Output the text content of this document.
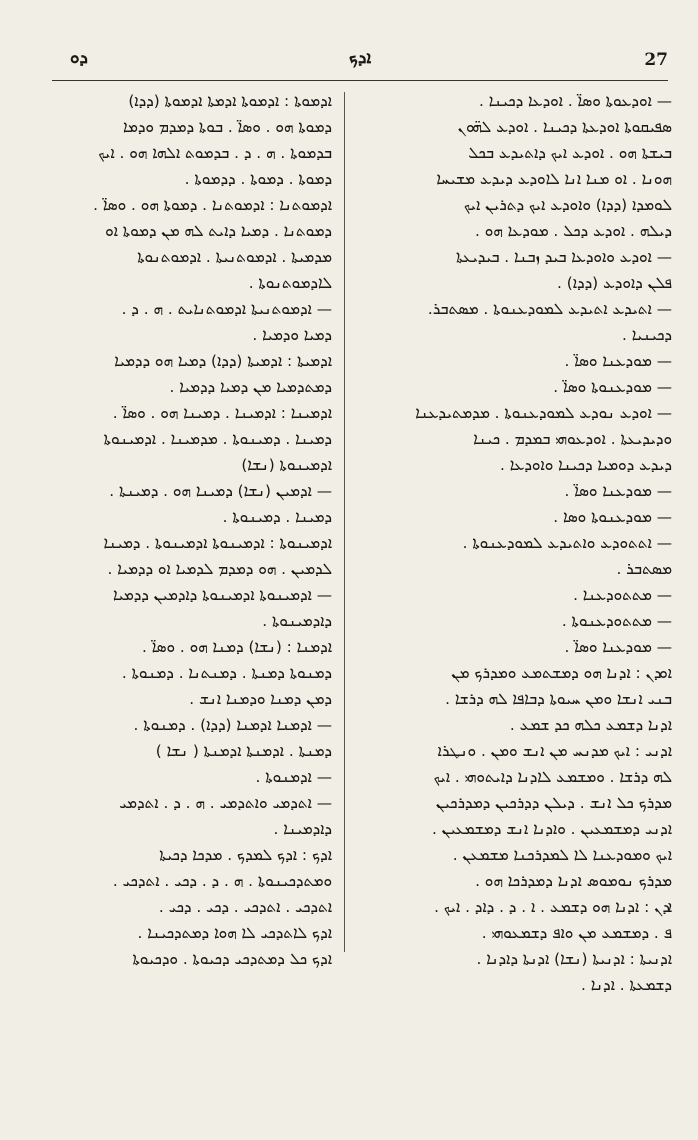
ܕܘ	ܐܕܟ	27

— ܐܘܕܥܘܬܐ ܘܣܐ̈ . ܐܘܕܥܐ ܕܟܝܢܐ .
ܣܦܝܩܘܬܐ ܐܘܕܥܬܐ ܕܟܝܢܐ . ܐܘܕܥ ܠܗ̈ܘܢ
ܒܝܫܬܐ ܗܘ . ܐܘܕܥ ܐܝܟ ܕܐܬܝܕܥ ܒܟܠ
ܗܘܢܐ . ܐܘ ܡܢܐ ܐܢܐ ܠܐܘܕܥ ܕܝܕܥ ܡܫܝܚܐ
ܠܘܡܕܐ (ܕܕܐ) ܘܐܘܕܥ ܐܝܟ ܕܬܪܝܢ ܐܝܟ
ܕܝܠܗ . ܐܘܕܥ ܕܟܠ . ܡܘܕܥܐ ܗܘ .

— ܐܘܕܥ ܘܐܘܕܥܐ ܒܝܕ ܙܒܢܐ . ܒܝܕܝܥܬܐ
ܦܠܢ ܕܐܘܕܥ (ܕܕܐ) .

— ܐܬܝܕܥ ܐܬܝܕܥ ܠܡܘܕܥܢܘܬܐ . ܡܣܬܒܪ.
ܕܟܝܢܝܐ .

— ܡܘܕܥܢܐ ܘܣܐ̈ .

— ܡܘܕܥܢܘܬܐ ܘܣܐ̈ .

— ܐܘܕܥ ܢܘܕܥ ܠܡܘܕܥܢܘܬܐ . ܡܕܡܬܝܕܥܢܐ
ܘܕܝܕܝܥܬܐ . ܐܘܕܥܘܗܝ ܒܡܕܡ . ܟܝܢܐ
ܕܝܕܥ ܕܘܡܝܐ ܕܟܝܢܐ ܘܐܘܕܥܐ .

— ܡܘܕܥܢܐ ܘܣܐ̈ .

— ܡܘܕܥܢܘܬܐ ܘܣܐ .

— ܐܬܬܘܕܥ ܘܐܬܝܕܥ ܠܡܘܕܥܢܘܬܐ .
ܡܣܬܒܪ .

— ܡܬܬܘܕܥܢܐ .

— ܡܬܬܘܕܥܢܘܬܐ .

— ܡܘܕܥܢܐ ܘܣܐ̈ .

ܐܘܕܢ : ܐܕܢܐ ܗܘ ܕܡܫܬܡܥ ܘܡܕܪܟ ܡܢ
ܒܢܝ ܐܢܫܐ ܘܡܢ ܚܝܘܬܐ ܕܒܐܦܐ ܠܗ ܕܪܫܐ .
ܐܕܢܐ ܕܫܡܥ ܟܠܗ ܟܕ ܫܡܥ .

ܐܕܢܝ : ܐܝܟ ܡܕܢܚ ܡܢ ܐܢܫ ܘܡܢ . ܘܢܛܪܐ
ܠܗ ܕܪܫܐ . ܘܡܫܡܥ ܠܐܕܢܐ ܕܐܝܬܘܗܝ . ܐܝܟ
ܡܕܪܟ ܟܠ ܐܢܫ . ܕܝܠܢ ܕܕܪܟܝܢ ܕܡܕܪܟܝܢ
ܐܕܢܝ ܕܡܫܡܥܝܢ . ܘܐܕܢܐ ܐܢܫ ܕܡܫܡܥܝܢ .
ܐܝܟ ܘܡܘܕܥܢܐ ܠܐ ܠܡܕܪܟܢܐ ܡܫܡܥܢ .
ܡܕܪܟ ܢܘܡܘܣ ܐܕܢܐ ܕܡܕܪܟܐ ܗܘ .

ܐܕܢ : ܐܕܢܐ ܗܘ ܕܫܡܥ . ܐ . ܕ . ܕܐܕ . ܐܝܟ .
ܦ . ܕܡܫܡܥ ܡܢ ܘܐܦ ܕܫܡܥܘܗܝ .

ܐܕܢܝܬܐ : ܐܕܢܝܬܐ (ܢܫܐ) ܐܕܢܬܐ ܕܐܕܢܐ .
ܕܫܡܥܬܐ . ܐܕܢܐ .

ܐܕܡܘܬܐ : ܐܕܡܘܬܐ ܐܕܡܬܐ ܐܕܡܘܬܐ (ܕܕܐ)
ܕܡܘܬܐ ܗܘ . ܘܣܐ̈ . ܒܘܬܐ ܕܡܕܡ ܘܕܡܐ
ܒܕܡܘܬܐ . ܗ . ܕ . ܒܕܡܘܬ ܐܠܗܐ ܗܘ . ܐܝܟ
ܕܡܘܬܐ . ܕܡܘܬܐ . ܕܕܡܘܬܐ .

ܐܕܡܘܬܢܐ : ܐܕܡܘܬܢܐ . ܕܡܘܬܐ ܗܘ . ܘܣܐ̈ .
ܕܡܘܬܢܐ . ܕܡܝܐ ܕܐܝܬ ܠܗ ܡܢ ܕܡܘܬܐ ܐܘ
ܡܕܡܝܬܐ . ܐܕܡܘܬܢܝܬܐ . ܐܕܡܘܬܢܘܬܐ
ܠܐܕܡܘܬܢܘܬܐ .

— ܐܕܡܘܬܢܝܬܐ ܐܕܡܘܬܢܐܝܬ . ܗ . ܕ .
ܕܡܝܐ ܘܕܡܝܐ .

ܐܕܡܝܬܐ : ܐܕܡܝܬܐ (ܕܕܐ) ܕܡܝܐ ܗܘ ܕܕܡܝܐ
ܕܡܬܕܡܝܐ ܡܢ ܕܡܝܐ ܕܕܡܝܐ .

ܐܕܡܝܢܐ : ܐܕܡܝܢܐ . ܕܡܝܢܐ ܗܘ . ܘܣܐ̈ .
ܕܡܝܢܐ . ܕܡܝܢܘܬܐ . ܡܕܡܝܢܐ . ܐܕܡܝܢܘܬܐ
ܐܕܡܝܢܘܬܐ (ܢܫܐ)

— ܐܕܡܝܢ (ܢܫܐ) ܕܡܝܢܐ ܗܘ . ܕܡܝܢܬܐ .
ܕܡܝܢܐ . ܕܡܝܢܘܬܐ .

ܐܕܡܝܢܘܬܐ : ܐܕܡܝܢܘܬܐ ܐܕܡܝܢܘܬܐ . ܕܡܝܢܐ
ܠܕܡܝܢ . ܗܘ ܕܡܕܡ ܠܕܡܝܐ ܐܘ ܕܕܡܝܐ .

— ܐܕܡܝܢܘܬܐ ܐܕܡܝܢܘܬܐ ܕܐܕܡܝܢ ܕܕܡܝܐ
ܕܐܕܡܝܢܘܬܐ .

ܐܕܡܢܐ : (ܢܫܐ) ܕܡܢܐ ܗܘ . ܘܣܐ̈ .
ܕܡܢܘܬܐ ܕܡܢܬܐ . ܕܡܢܬܢܐ . ܕܡܢܘܬܐ .
ܕܡܢ ܕܡܢܐ ܘܕܡܢܐ ܐܢܫ .

— ܐܕܡܢܐ ܐܕܡܢܐ (ܕܕܐ) . ܕܡܢܘܬܐ .
ܕܡܢܬܐ . ܐܕܡܢܬܐ ܐܕܡܢܬܐ ( ܢܫܐ )

— ܐܕܡܢܘܬܐ .

— ܐܬܕܡܝ ܘܐܬܕܡܝ . ܗ . ܕ . ܐܬܕܡܝ
ܕܐܕܡܝܢܐ .

ܐܕܟ : ܐܕܟ ܠܡܕܟ . ܡܕܟܐ ܕܟܝܬܐ
ܘܡܬܕܟܝܢܘܬܐ . ܗ . ܕ . ܕܟܝ . ܐܬܕܟܝ .
ܐܬܕܟܝ . ܐܬܕܟܝ . ܕܟܝ . ܕܟܝ .
ܐܕܟ ܠܐܬܕܟܝ ܠܐ ܗܘܐ ܕܡܬܕܟܝܢܐ .
ܐܕܟ ܟܠ ܕܡܬܕܟܝ ܕܟܝܘܬܐ . ܘܕܟܝܘܬܐ
